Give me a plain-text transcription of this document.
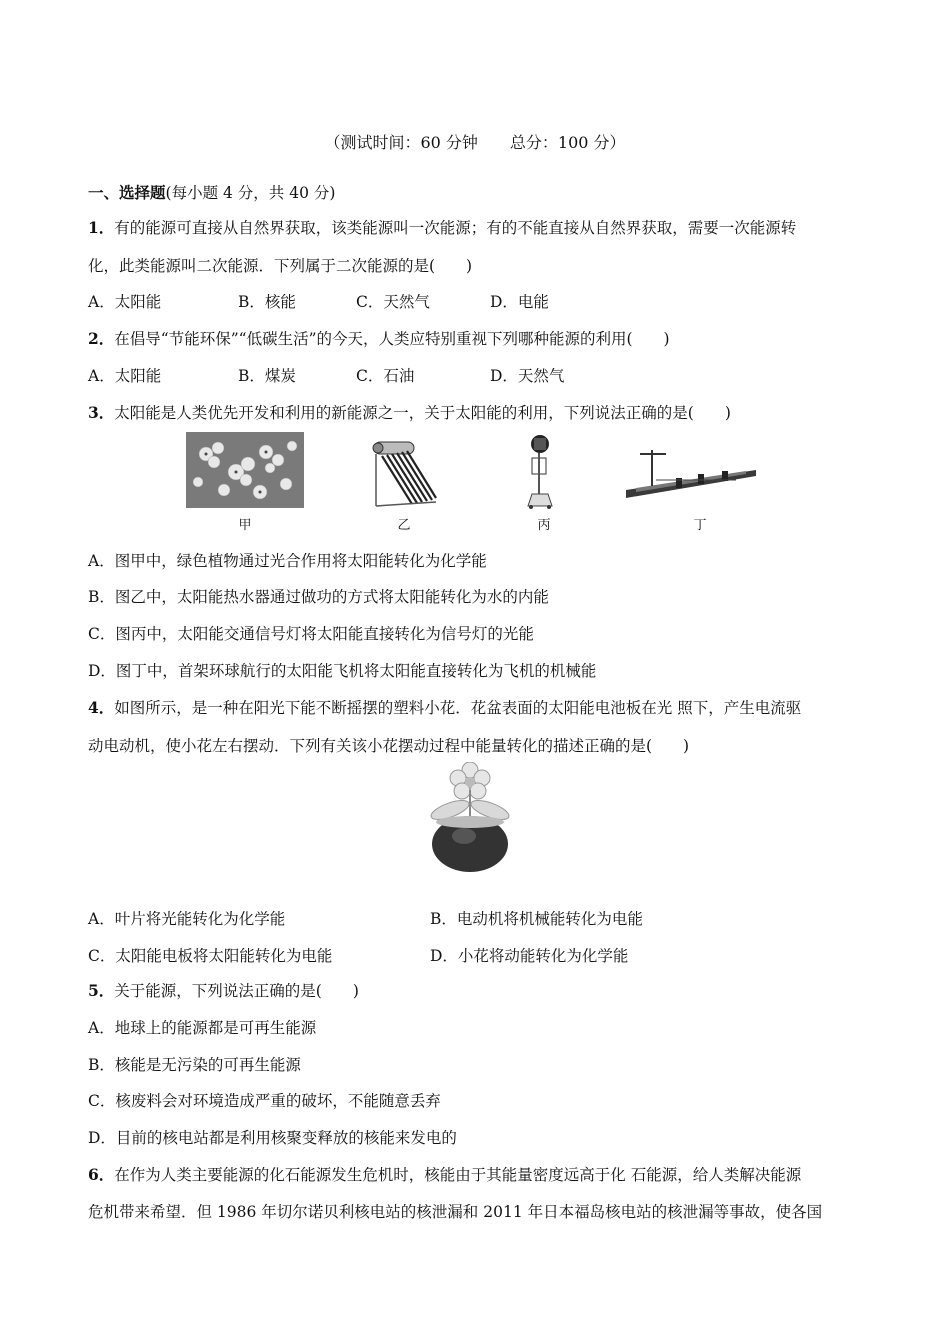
（测试时间：60 分钟　　总分：100 分）
一、选择题(每小题 4 分，共 40 分)
1．有的能源可直接从自然界获取，该类能源叫一次能源；有的不能直接从自然界获取，需要一次能源转
化，此类能源叫二次能源．下列属于二次能源的是(　　)
A．太阳能	B．核能	C．天然气	D．电能
2．在倡导“节能环保”“低碳生活”的今天，人类应特别重视下列哪种能源的利用(　　)
A．太阳能	B．煤炭	C．石油	D．天然气
3．太阳能是人类优先开发和利用的新能源之一，关于太阳能的利用，下列说法正确的是(　　)
甲	乙	丙	丁
A．图甲中，绿色植物通过光合作用将太阳能转化为化学能
B．图乙中，太阳能热水器通过做功的方式将太阳能转化为水的内能
C．图丙中，太阳能交通信号灯将太阳能直接转化为信号灯的光能
D．图丁中，首架环球航行的太阳能飞机将太阳能直接转化为飞机的机械能
4．如图所示，是一种在阳光下能不断摇摆的塑料小花．花盆表面的太阳能电池板在光 照下，产生电流驱
动电动机，使小花左右摆动．下列有关该小花摆动过程中能量转化的描述正确的是(　　)
A．叶片将光能转化为化学能	B．电动机将机械能转化为电能
C．太阳能电板将太阳能转化为电能	D．小花将动能转化为化学能
5．关于能源，下列说法正确的是(　　)
A．地球上的能源都是可再生能源
B．核能是无污染的可再生能源
C．核废料会对环境造成严重的破坏，不能随意丢弃
D．目前的核电站都是利用核聚变释放的核能来发电的
6．在作为人类主要能源的化石能源发生危机时，核能由于其能量密度远高于化 石能源，给人类解决能源
危机带来希望．但 1986 年切尔诺贝利核电站的核泄漏和 2011 年日本福岛核电站的核泄漏等事故，使各国
